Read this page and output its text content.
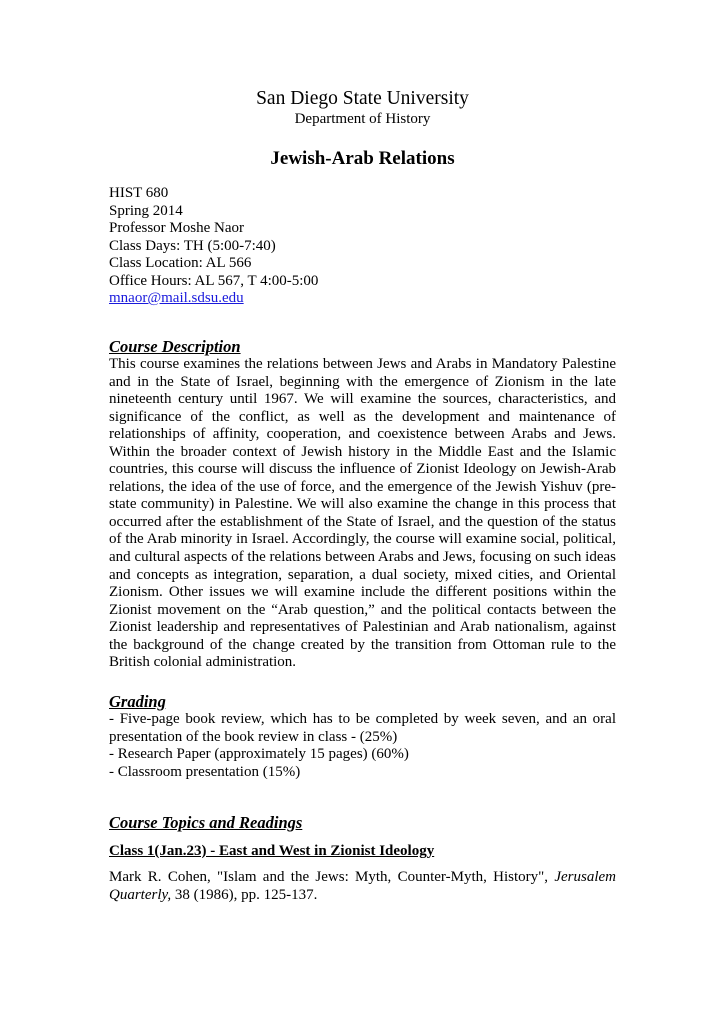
San Diego State University
Department of History
Jewish-Arab Relations
HIST 680
Spring 2014
Professor Moshe Naor
Class Days: TH (5:00-7:40)
Class Location: AL 566
Office Hours: AL 567, T 4:00-5:00
mnaor@mail.sdsu.edu
Course Description
This course examines the relations between Jews and Arabs in Mandatory Palestine and in the State of Israel, beginning with the emergence of Zionism in the late nineteenth century until 1967. We will examine the sources, characteristics, and significance of the conflict, as well as the development and maintenance of relationships of affinity, cooperation, and coexistence between Arabs and Jews. Within the broader context of Jewish history in the Middle East and the Islamic countries, this course will discuss the influence of Zionist Ideology on Jewish-Arab relations, the idea of the use of force, and the emergence of the Jewish Yishuv (pre-state community) in Palestine. We will also examine the change in this process that occurred after the establishment of the State of Israel, and the question of the status of the Arab minority in Israel. Accordingly, the course will examine social, political, and cultural aspects of the relations between Arabs and Jews, focusing on such ideas and concepts as integration, separation, a dual society, mixed cities, and Oriental Zionism. Other issues we will examine include the different positions within the Zionist movement on the “Arab question,” and the political contacts between the Zionist leadership and representatives of Palestinian and Arab nationalism, against the background of the change created by the transition from Ottoman rule to the British colonial administration.
Grading
- Five-page book review, which has to be completed by week seven, and an oral presentation of the book review in class - (25%)
- Research Paper (approximately 15 pages) (60%)
- Classroom presentation (15%)
Course Topics and Readings
Class 1(Jan.23) - East and West in Zionist Ideology
Mark R. Cohen, "Islam and the Jews: Myth, Counter-Myth, History", Jerusalem Quarterly, 38 (1986), pp. 125-137.
